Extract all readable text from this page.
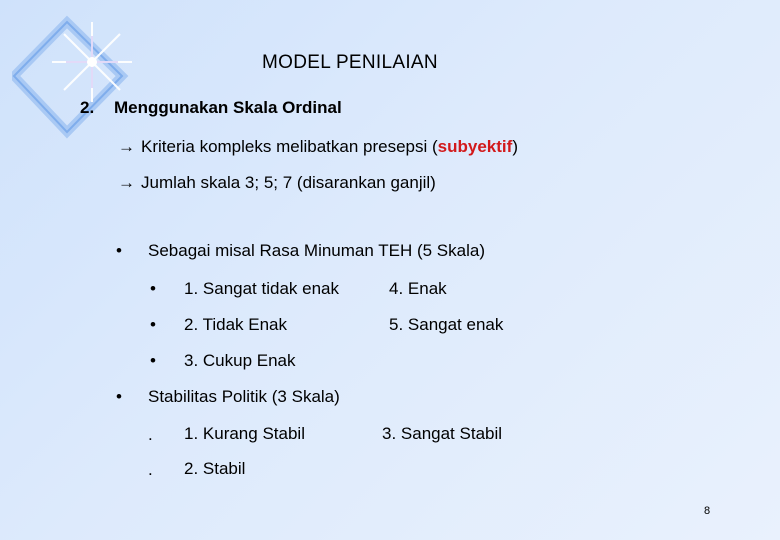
MODEL PENILAIAN
2. Menggunakan Skala Ordinal
→ Kriteria kompleks melibatkan presepsi (subyektif)
→ Jumlah skala 3; 5; 7 (disarankan ganjil)
• Sebagai misal Rasa Minuman TEH (5 Skala)
• 1. Sangat tidak enak	4. Enak
• 2. Tidak Enak	5. Sangat enak
• 3. Cukup Enak
• Stabilitas Politik (3 Skala)
. 1. Kurang Stabil	3. Sangat Stabil
. 2. Stabil
8
